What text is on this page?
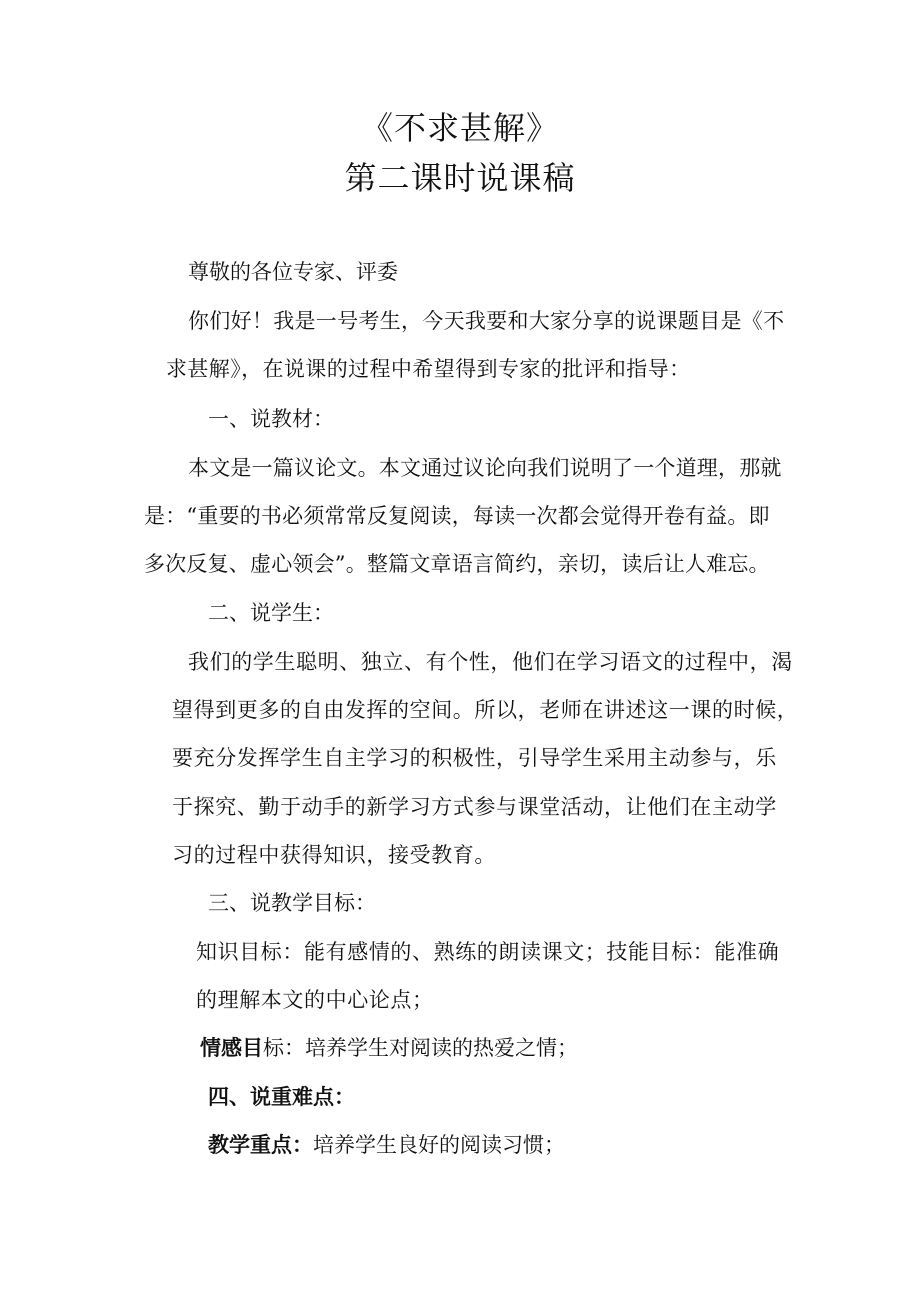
《不求甚解》
第二课时说课稿

尊敬的各位专家、评委

你们好！我是一号考生，今天我要和大家分享的说课题目是《不

求甚解》，在说课的过程中希望得到专家的批评和指导：

一、说教材：

本文是一篇议论文。本文通过议论向我们说明了一个道理，那就

是：“重要的书必须常常反复阅读，每读一次都会觉得开卷有益。即

多次反复、虚心领会”。整篇文章语言简约，亲切，读后让人难忘。

二、说学生：

我们的学生聪明、独立、有个性，他们在学习语文的过程中，渴

望得到更多的自由发挥的空间。所以，老师在讲述这一课的时候，

要充分发挥学生自主学习的积极性，引导学生采用主动参与，乐

于探究、勤于动手的新学习方式参与课堂活动，让他们在主动学

习的过程中获得知识，接受教育。

三、说教学目标：

知识目标：能有感情的、熟练的朗读课文；技能目标：能准确

的理解本文的中心论点；

情感目标：培养学生对阅读的热爱之情；

四、说重难点：

教学重点：培养学生良好的阅读习惯；
